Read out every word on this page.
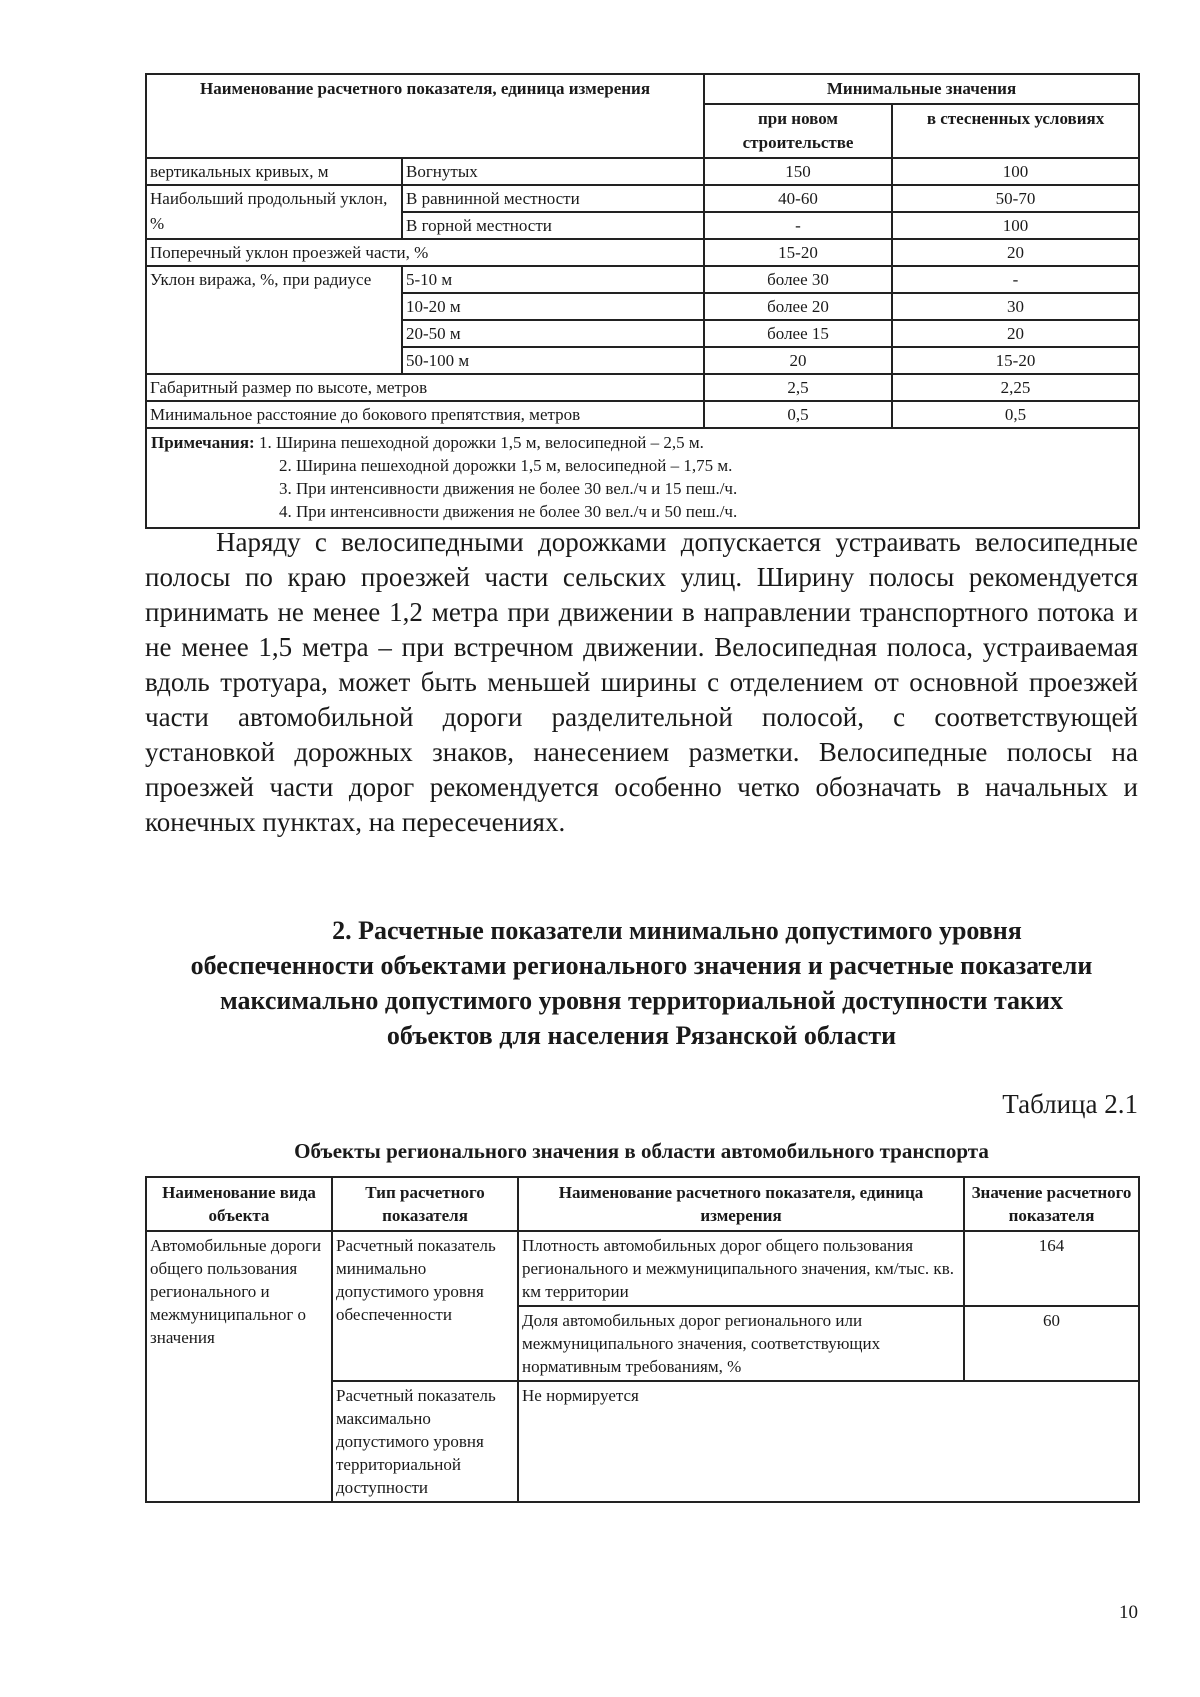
Наименование расчетного показателя, единица измерения		Минимальные значения	
		при новом строительстве	в стесненных условиях
вертикальных кривых, м	Вогнутых	150	100
Наибольший продольный уклон, %	В равнинной местности	40-60	50-70
	В горной местности	-	100
Поперечный уклон проезжей части, %		15-20	20
Уклон виража, %, при радиусе	5-10 м	более 30	-
	10-20 м	более 20	30
	20-50 м	более 15	20
	50-100 м	20	15-20
Габаритный размер по высоте, метров		2,5	2,25
Минимальное расстояние до бокового препятствия, метров		0,5	0,5

Примечания: 1. Ширина пешеходной дорожки 1,5 м, велосипедной – 2,5 м.
2. Ширина пешеходной дорожки 1,5 м, велосипедной – 1,75 м.
3. При интенсивности движения не более 30 вел./ч и 15 пеш./ч.
4. При интенсивности движения не более 30 вел./ч и 50 пеш./ч.			

Наряду с велосипедными дорожками допускается устраивать велосипедные полосы по краю проезжей части сельских улиц. Ширину полосы рекомендуется принимать не менее 1,2 метра при движении в направлении транспортного потока и не менее 1,5 метра – при встречном движении. Велосипедная полоса, устраиваемая вдоль тротуара, может быть меньшей ширины с отделением от основной проезжей части автомобильной дороги разделительной полосой, с соответствующей установкой дорожных знаков, нанесением разметки. Велосипедные полосы на проезжей части дорог рекомендуется особенно четко обозначать в начальных и конечных пунктах, на пересечениях.

2. Расчетные показатели минимально допустимого уровня
обеспеченности объектами регионального значения и расчетные показатели
максимально допустимого уровня территориальной доступности таких
объектов для населения Рязанской области

Таблица 2.1

Объекты регионального значения в области автомобильного транспорта

Наименование вида объекта	Тип расчетного показателя	Наименование расчетного показателя, единица измерения	Значение расчетного показателя
Автомобильные дороги общего пользования регионального и межмуниципальног о значения	Расчетный показатель минимально допустимого уровня обеспеченности	Плотность автомобильных дорог общего пользования регионального и межмуниципального значения, км/тыс. кв. км территории	164
		Доля автомобильных дорог регионального или межмуниципального значения, соответствующих нормативным требованиям, %	60
	Расчетный показатель максимально допустимого уровня территориальной доступности	Не нормируется	

10
